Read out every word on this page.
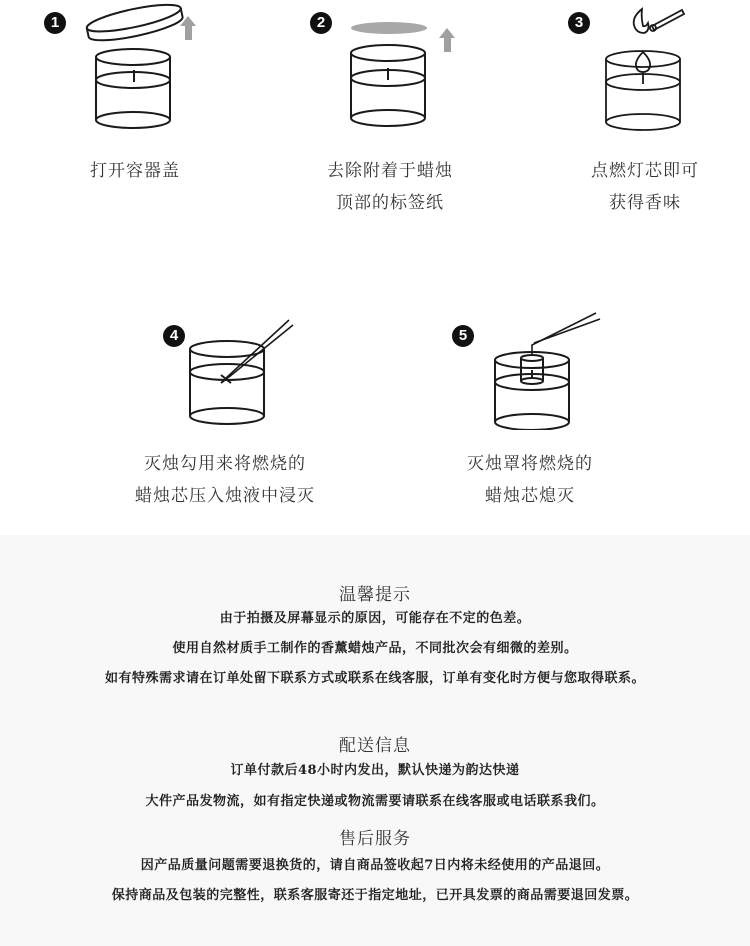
1
打开容器盖
2
去除附着于蜡烛
顶部的标签纸
3
点燃灯芯即可
获得香味
4
灭烛勾用来将燃烧的
蜡烛芯压入烛液中浸灭
5
灭烛罩将燃烧的
蜡烛芯熄灭
温馨提示
由于拍摄及屏幕显示的原因，可能存在不定的色差。
使用自然材质手工制作的香薰蜡烛产品，不同批次会有细微的差别。
如有特殊需求请在订单处留下联系方式或联系在线客服，订单有变化时方便与您取得联系。
配送信息
订单付款后48小时内发出，默认快递为韵达快递
大件产品发物流，如有指定快递或物流需要请联系在线客服或电话联系我们。
售后服务
因产品质量问题需要退换货的，请自商品签收起7日内将未经使用的产品退回。
保持商品及包装的完整性，联系客服寄还于指定地址，已开具发票的商品需要退回发票。
